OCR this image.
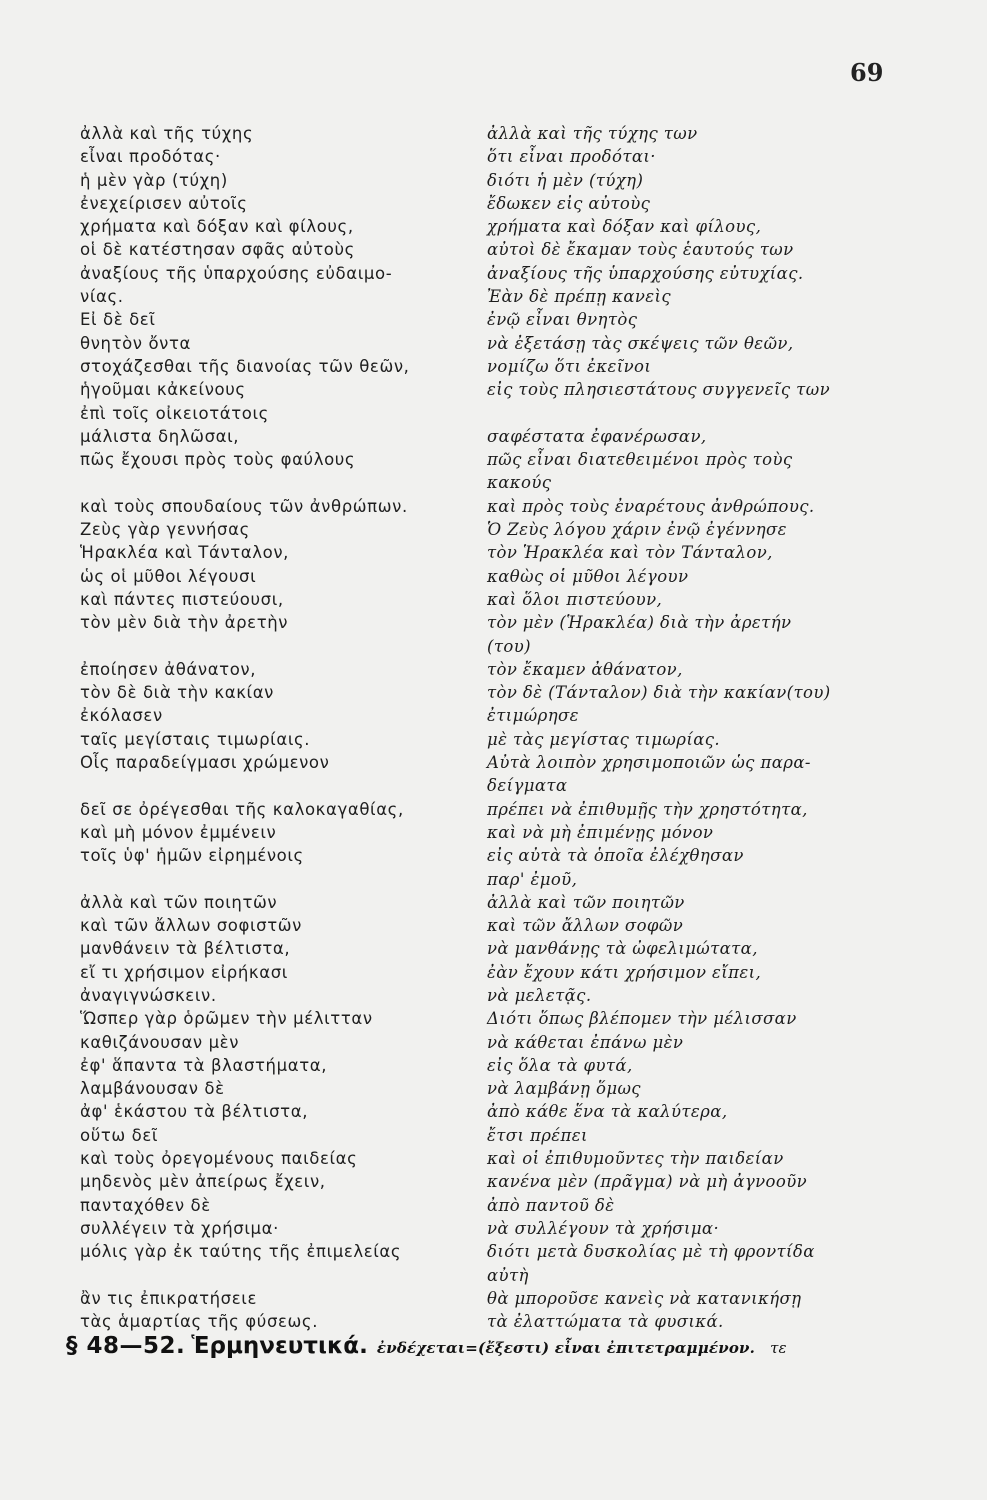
69
ἀλλὰ καὶ τῆς τύχης
εἶναι προδότας·
ἡ μὲν γὰρ (τύχη)
ἐνεχείρισεν αὐτοῖς
χρήματα καὶ δόξαν καὶ φίλους,
οἱ δὲ κατέστησαν σφᾶς αὐτοὺς
ἀναξίους τῆς ὑπαρχούσης εὐδαιμο-
νίας.
Εἰ δὲ δεῖ
θνητὸν ὄντα
στοχάζεσθαι τῆς διανοίας τῶν θεῶν,
ἡγοῦμαι κἀκείνους
ἐπὶ τοῖς οἰκειοτάτοις
μάλιστα δηλῶσαι,
πῶς ἔχουσι πρὸς τοὺς φαύλους
καὶ τοὺς σπουδαίους τῶν ἀνθρώπων.
Ζεὺς γὰρ γεννήσας
Ἡρακλέα καὶ Τάνταλον,
ὡς οἱ μῦθοι λέγουσι
καὶ πάντες πιστεύουσι,
τὸν μὲν διὰ τὴν ἀρετὴν
ἐποίησεν ἀθάνατον,
τὸν δὲ διὰ τὴν κακίαν
ἐκόλασεν
ταῖς μεγίσταις τιμωρίαις.
Οἷς παραδείγμασι χρώμενον
δεῖ σε ὀρέγεσθαι τῆς καλοκαγαθίας,
καὶ μὴ μόνον ἐμμένειν
τοῖς ὑφ' ἡμῶν εἰρημένοις
ἀλλὰ καὶ τῶν ποιητῶν
καὶ τῶν ἄλλων σοφιστῶν
μανθάνειν τὰ βέλτιστα,
εἴ τι χρήσιμον εἰρήκασι
ἀναγιγνώσκειν.
Ὥσπερ γὰρ ὁρῶμεν τὴν μέλιτταν
καθιζάνουσαν μὲν
ἐφ' ἅπαντα τὰ βλαστήματα,
λαμβάνουσαν δὲ
ἀφ' ἑκάστου τὰ βέλτιστα,
οὕτω δεῖ
καὶ τοὺς ὀρεγομένους παιδείας
μηδενὸς μὲν ἀπείρως ἔχειν,
πανταχόθεν δὲ
συλλέγειν τὰ χρήσιμα·
μόλις γὰρ ἐκ ταύτης τῆς ἐπιμελείας
ἂν τις ἐπικρατήσειε
τὰς ἁμαρτίας τῆς φύσεως.
ἀλλὰ καὶ τῆς τύχης των
ὅτι εἶναι προδόται·
διότι ἡ μὲν (τύχη)
ἔδωκεν εἰς αὐτοὺς
χρήματα καὶ δόξαν καὶ φίλους,
αὐτοὶ δὲ ἔκαμαν τοὺς ἑαυτούς των
ἀναξίους τῆς ὑπαρχούσης εὐτυχίας.
Ἐὰν δὲ πρέπῃ κανεὶς
ἐνῷ εἶναι θνητὸς
νὰ ἐξετάσῃ τὰς σκέψεις τῶν θεῶν,
νομίζω ὅτι ἐκεῖνοι
εἰς τοὺς πλησιεστάτους συγγενεῖς των
σαφέστατα ἐφανέρωσαν,
πῶς εἶναι διατεθειμένοι πρὸς τοὺς
κακούς
καὶ πρὸς τοὺς ἐναρέτους ἀνθρώπους.
Ὁ Ζεὺς λόγου χάριν ἐνῷ ἐγέννησε
τὸν Ἡρακλέα καὶ τὸν Τάνταλον,
καθὼς οἱ μῦθοι λέγουν
καὶ ὅλοι πιστεύουν,
τὸν μὲν (Ἡρακλέα) διὰ τὴν ἀρετήν
(του)
τὸν ἔκαμεν ἀθάνατον,
τὸν δὲ (Τάνταλον) διὰ τὴν κακίαν(του)
ἐτιμώρησε
μὲ τὰς μεγίστας τιμωρίας.
Αὐτὰ λοιπὸν χρησιμοποιῶν ὡς παρα-
δείγματα
πρέπει νὰ ἐπιθυμῇς τὴν χρηστότητα,
καὶ νὰ μὴ ἐπιμένῃς μόνον
εἰς αὐτὰ τὰ ὁποῖα ἐλέχθησαν
παρ' ἐμοῦ,
ἀλλὰ καὶ τῶν ποιητῶν
καὶ τῶν ἄλλων σοφῶν
νὰ μανθάνῃς τὰ ὠφελιμώτατα,
ἐὰν ἔχουν κάτι χρήσιμον εἴπει,
νὰ μελετᾷς.
Διότι ὅπως βλέπομεν τὴν μέλισσαν
νὰ κάθεται ἐπάνω μὲν
εἰς ὅλα τὰ φυτά,
νὰ λαμβάνῃ ὅμως
ἀπὸ κάθε ἕνα τὰ καλύτερα,
ἔτσι πρέπει
καὶ οἱ ἐπιθυμοῦντες τὴν παιδείαν
κανένα μὲν (πρᾶγμα) νὰ μὴ ἀγνοοῦν
ἀπὸ παντοῦ δὲ
νὰ συλλέγουν τὰ χρήσιμα·
διότι μετὰ δυσκολίας μὲ τὴ φροντίδα
αὐτὴ
θὰ μποροῦσε κανεὶς νὰ κατανικήσῃ
τὰ ἐλαττώματα τὰ φυσικά.
§ 48—52. Ἑρμηνευτικά. ἐνδέχεται=(ἔξεστι) εἶναι ἐπιτετραμμένον. τε
